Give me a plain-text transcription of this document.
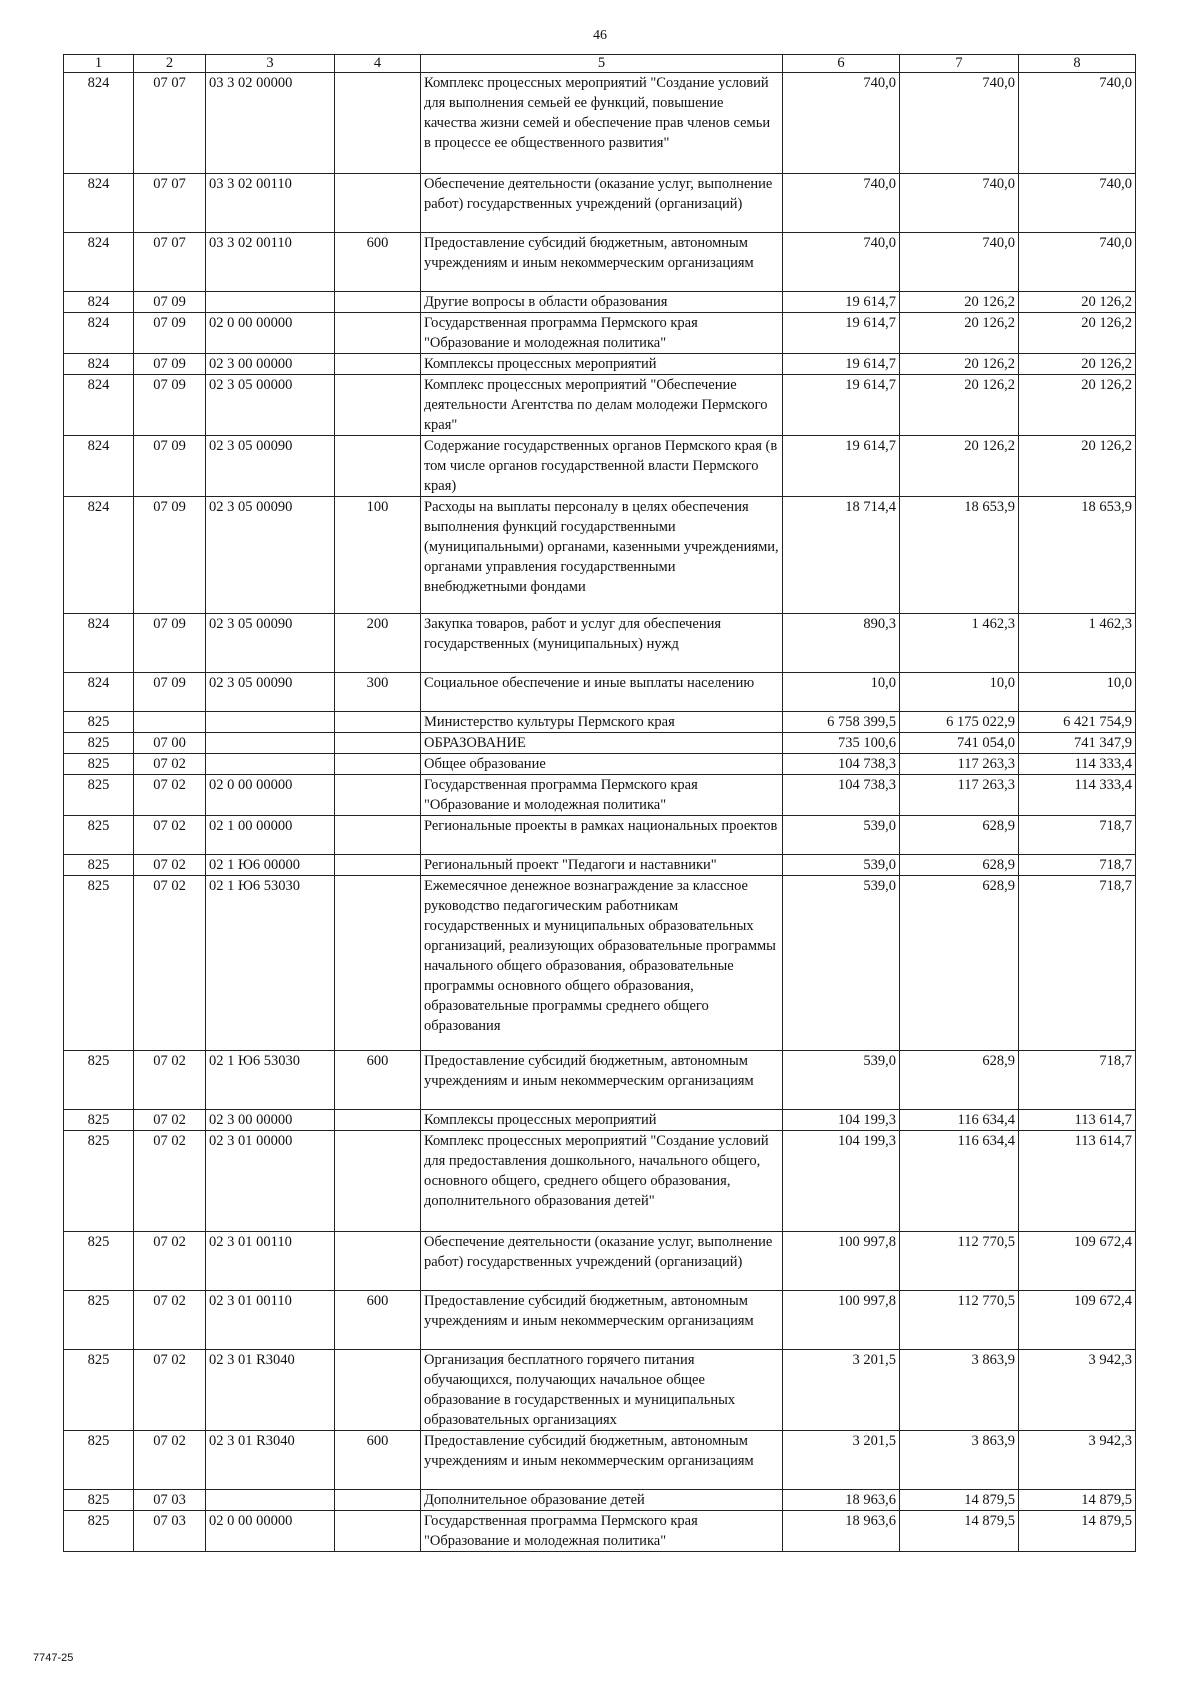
46
1	2	3	4	5	6	7	8
824	07 07	03 3 02 00000		Комплекс процессных мероприятий "Создание условий для выполнения семьей ее функций, повышение качества жизни семей и обеспечение прав членов семьи в процессе ее общественного развития"	740,0	740,0	740,0
824	07 07	03 3 02 00110		Обеспечение деятельности (оказание услуг, выполнение работ) государственных учреждений (организаций)	740,0	740,0	740,0
824	07 07	03 3 02 00110	600	Предоставление субсидий бюджетным, автономным учреждениям и иным некоммерческим организациям	740,0	740,0	740,0
824	07 09			Другие вопросы в области образования	19 614,7	20 126,2	20 126,2
824	07 09	02 0 00 00000		Государственная программа Пермского края "Образование и молодежная политика"	19 614,7	20 126,2	20 126,2
824	07 09	02 3 00 00000		Комплексы процессных мероприятий	19 614,7	20 126,2	20 126,2
824	07 09	02 3 05 00000		Комплекс процессных мероприятий "Обеспечение деятельности Агентства по делам молодежи Пермского края"	19 614,7	20 126,2	20 126,2
824	07 09	02 3 05 00090		Содержание государственных органов Пермского края (в том числе органов государственной власти Пермского края)	19 614,7	20 126,2	20 126,2
824	07 09	02 3 05 00090	100	Расходы на выплаты персоналу в целях обеспечения выполнения функций государственными (муниципальными) органами, казенными учреждениями, органами управления государственными внебюджетными фондами	18 714,4	18 653,9	18 653,9
824	07 09	02 3 05 00090	200	Закупка товаров, работ и услуг для обеспечения государственных (муниципальных) нужд	890,3	1 462,3	1 462,3
824	07 09	02 3 05 00090	300	Социальное обеспечение и иные выплаты населению	10,0	10,0	10,0
825				Министерство культуры Пермского края	6 758 399,5	6 175 022,9	6 421 754,9
825	07 00			ОБРАЗОВАНИЕ	735 100,6	741 054,0	741 347,9
825	07 02			Общее образование	104 738,3	117 263,3	114 333,4
825	07 02	02 0 00 00000		Государственная программа Пермского края "Образование и молодежная политика"	104 738,3	117 263,3	114 333,4
825	07 02	02 1 00 00000		Региональные проекты в рамках национальных проектов	539,0	628,9	718,7
825	07 02	02 1 Ю6 00000		Региональный проект "Педагоги и наставники"	539,0	628,9	718,7
825	07 02	02 1 Ю6 53030		Ежемесячное денежное вознаграждение за классное руководство педагогическим работникам государственных и муниципальных образовательных организаций, реализующих образовательные программы начального общего образования, образовательные программы основного общего образования, образовательные программы среднего общего образования	539,0	628,9	718,7
825	07 02	02 1 Ю6 53030	600	Предоставление субсидий бюджетным, автономным учреждениям и иным некоммерческим организациям	539,0	628,9	718,7
825	07 02	02 3 00 00000		Комплексы процессных мероприятий	104 199,3	116 634,4	113 614,7
825	07 02	02 3 01 00000		Комплекс процессных мероприятий "Создание условий для предоставления дошкольного, начального общего, основного общего, среднего общего образования, дополнительного образования детей"	104 199,3	116 634,4	113 614,7
825	07 02	02 3 01 00110		Обеспечение деятельности (оказание услуг, выполнение работ) государственных учреждений (организаций)	100 997,8	112 770,5	109 672,4
825	07 02	02 3 01 00110	600	Предоставление субсидий бюджетным, автономным учреждениям и иным некоммерческим организациям	100 997,8	112 770,5	109 672,4
825	07 02	02 3 01 R3040		Организация бесплатного горячего питания обучающихся, получающих начальное общее образование в государственных и муниципальных образовательных организациях	3 201,5	3 863,9	3 942,3
825	07 02	02 3 01 R3040	600	Предоставление субсидий бюджетным, автономным учреждениям и иным некоммерческим организациям	3 201,5	3 863,9	3 942,3
825	07 03			Дополнительное образование детей	18 963,6	14 879,5	14 879,5
825	07 03	02 0 00 00000		Государственная программа Пермского края "Образование и молодежная политика"	18 963,6	14 879,5	14 879,5
7747-25
